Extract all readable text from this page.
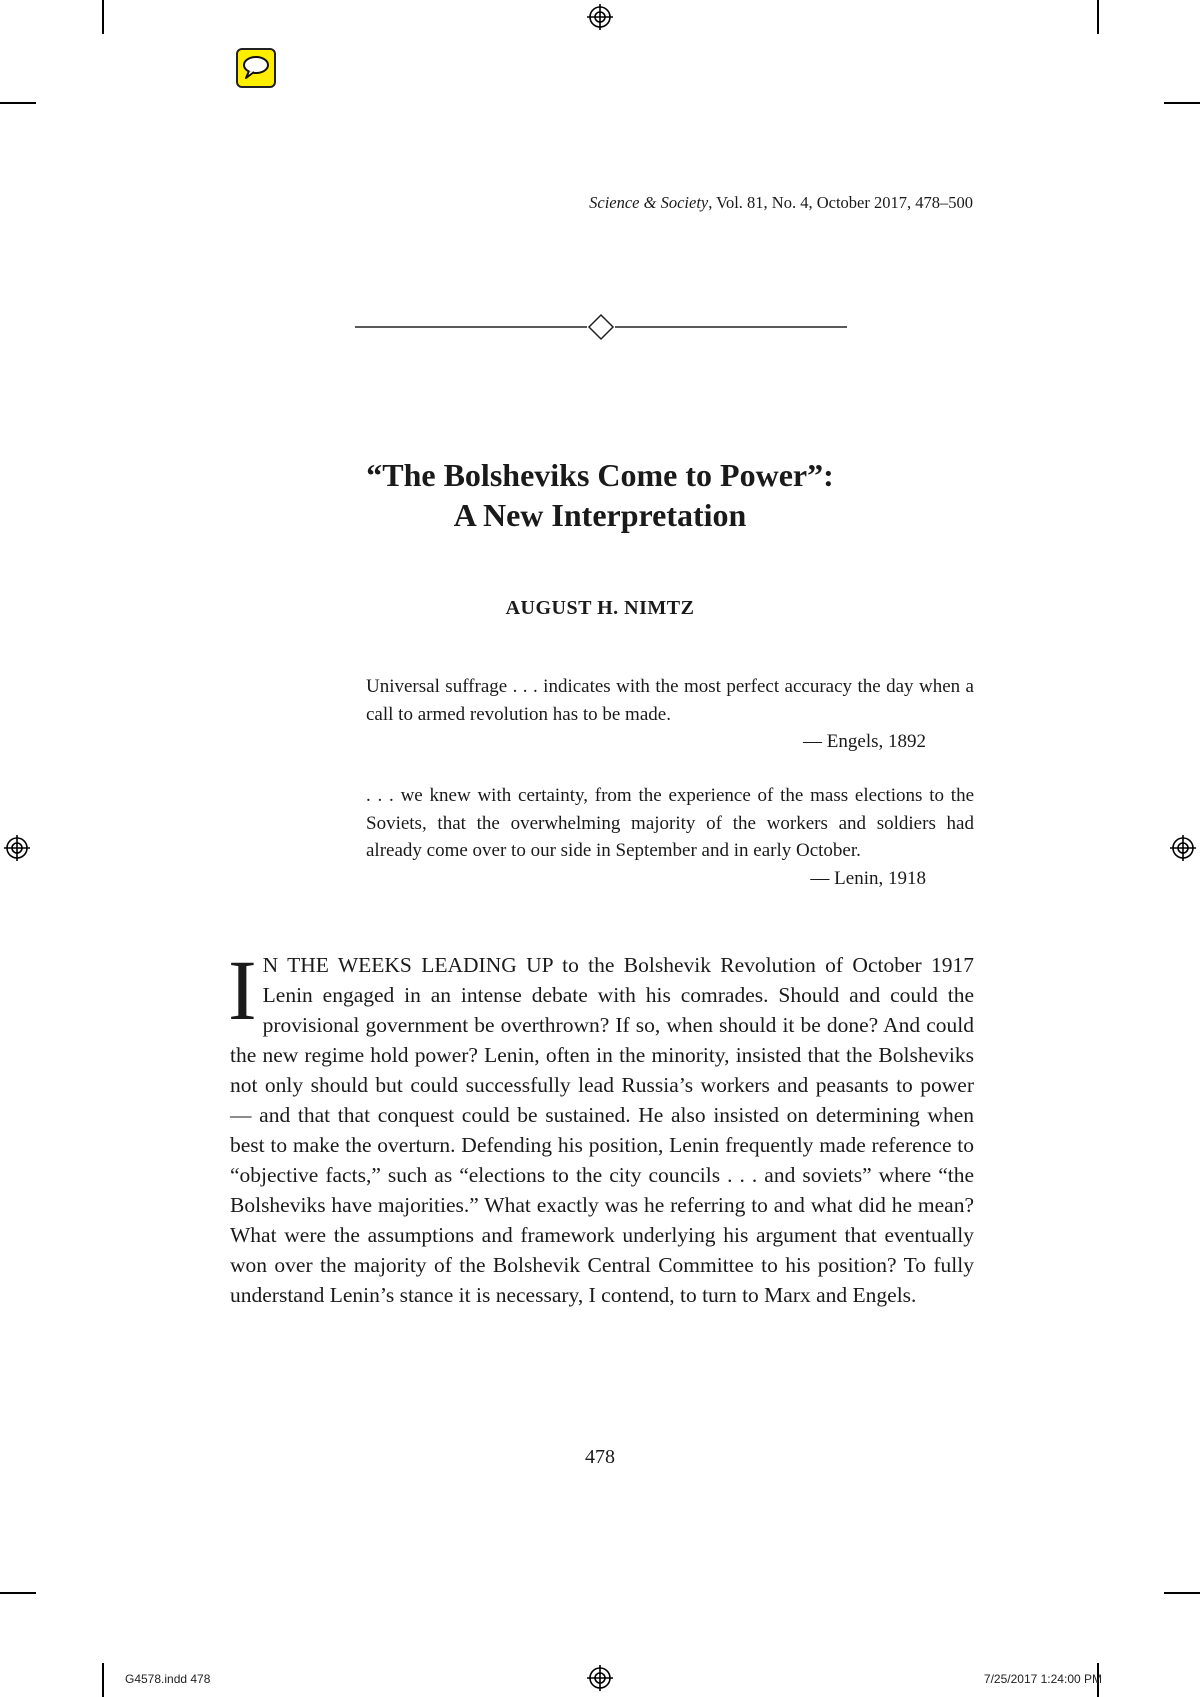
Science & Society, Vol. 81, No. 4, October 2017, 478–500
“The Bolsheviks Come to Power”:
A New Interpretation
AUGUST H. NIMTZ
Universal suffrage . . . indicates with the most perfect accuracy the day when a call to armed revolution has to be made.
— Engels, 1892
. . . we knew with certainty, from the experience of the mass elections to the Soviets, that the overwhelming majority of the workers and soldiers had already come over to our side in September and in early October.
— Lenin, 1918
I N THE WEEKS LEADING UP to the Bolshevik Revolution of October 1917 Lenin engaged in an intense debate with his comrades. Should and could the provisional government be overthrown? If so, when should it be done? And could the new regime hold power? Lenin, often in the minority, insisted that the Bolsheviks not only should but could successfully lead Russia’s workers and peasants to power — and that that conquest could be sustained. He also insisted on determining when best to make the overturn. Defending his position, Lenin frequently made reference to “objective facts,” such as “elections to the city councils . . . and soviets” where “the Bolsheviks have majorities.” What exactly was he referring to and what did he mean? What were the assumptions and framework underlying his argument that eventually won over the majority of the Bolshevik Central Committee to his position? To fully understand Lenin’s stance it is necessary, I contend, to turn to Marx and Engels.
478
G4578.indd 478	7/25/2017 1:24:00 PM
